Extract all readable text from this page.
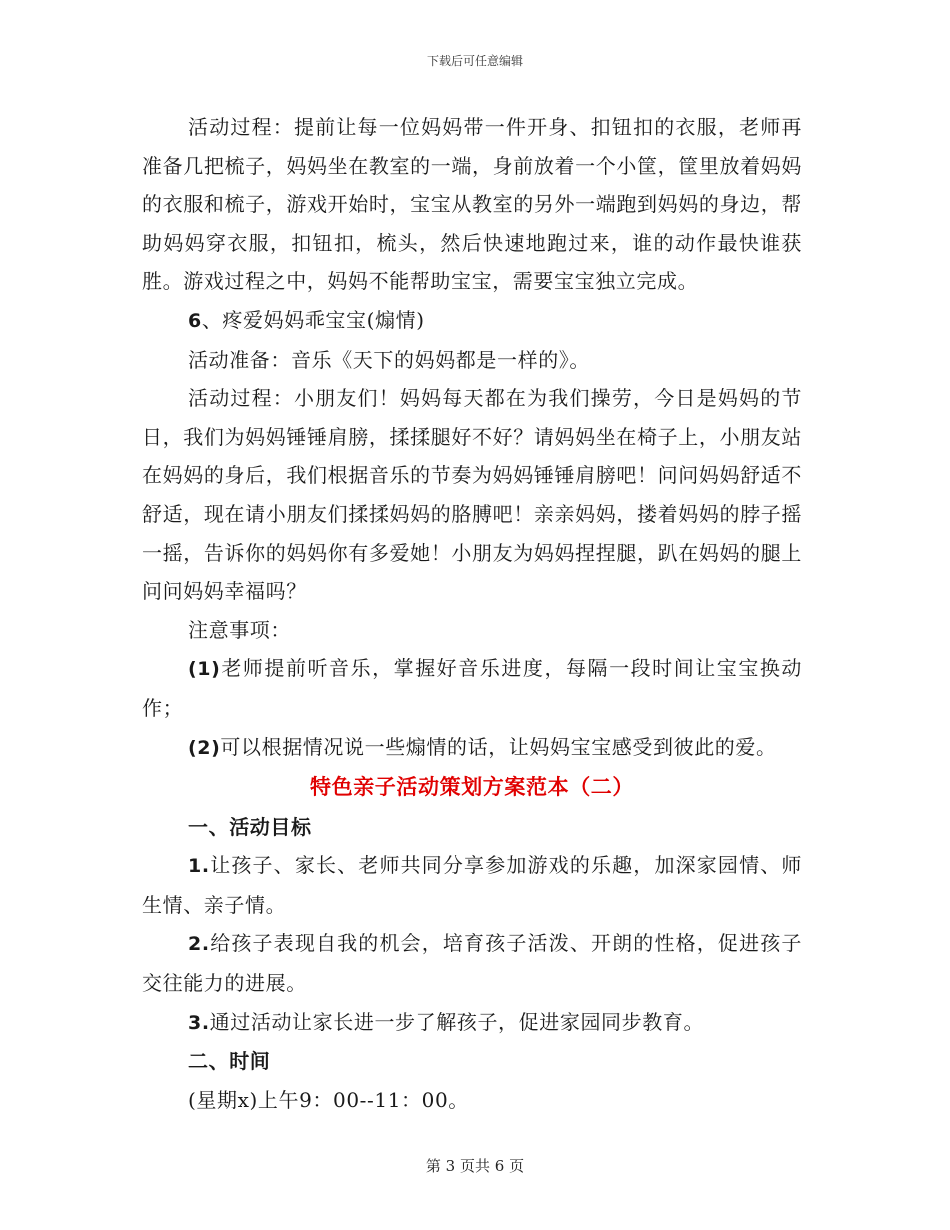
下载后可任意编辑

活动过程：提前让每一位妈妈带一件开身、扣钮扣的衣服，老师再准备几把梳子，妈妈坐在教室的一端，身前放着一个小筐，筐里放着妈妈的衣服和梳子，游戏开始时，宝宝从教室的另外一端跑到妈妈的身边，帮助妈妈穿衣服，扣钮扣，梳头，然后快速地跑过来，谁的动作最快谁获胜。游戏过程之中，妈妈不能帮助宝宝，需要宝宝独立完成。

6、疼爱妈妈乖宝宝(煽情)

活动准备：音乐《天下的妈妈都是一样的》。

活动过程：小朋友们！妈妈每天都在为我们操劳，今日是妈妈的节日，我们为妈妈锤锤肩膀，揉揉腿好不好？请妈妈坐在椅子上，小朋友站在妈妈的身后，我们根据音乐的节奏为妈妈锤锤肩膀吧！问问妈妈舒适不舒适，现在请小朋友们揉揉妈妈的胳膊吧！亲亲妈妈，搂着妈妈的脖子摇一摇，告诉你的妈妈你有多爱她！小朋友为妈妈捏捏腿，趴在妈妈的腿上问问妈妈幸福吗？

注意事项：

(1)老师提前听音乐，掌握好音乐进度，每隔一段时间让宝宝换动作；

(2)可以根据情况说一些煽情的话，让妈妈宝宝感受到彼此的爱。

特色亲子活动策划方案范本（二）

一、活动目标

1.让孩子、家长、老师共同分享参加游戏的乐趣，加深家园情、师生情、亲子情。

2.给孩子表现自我的机会，培育孩子活泼、开朗的性格，促进孩子交往能力的进展。

3.通过活动让家长进一步了解孩子，促进家园同步教育。

二、时间

(星期x)上午9：00--11：00。

第 3 页共 6 页
